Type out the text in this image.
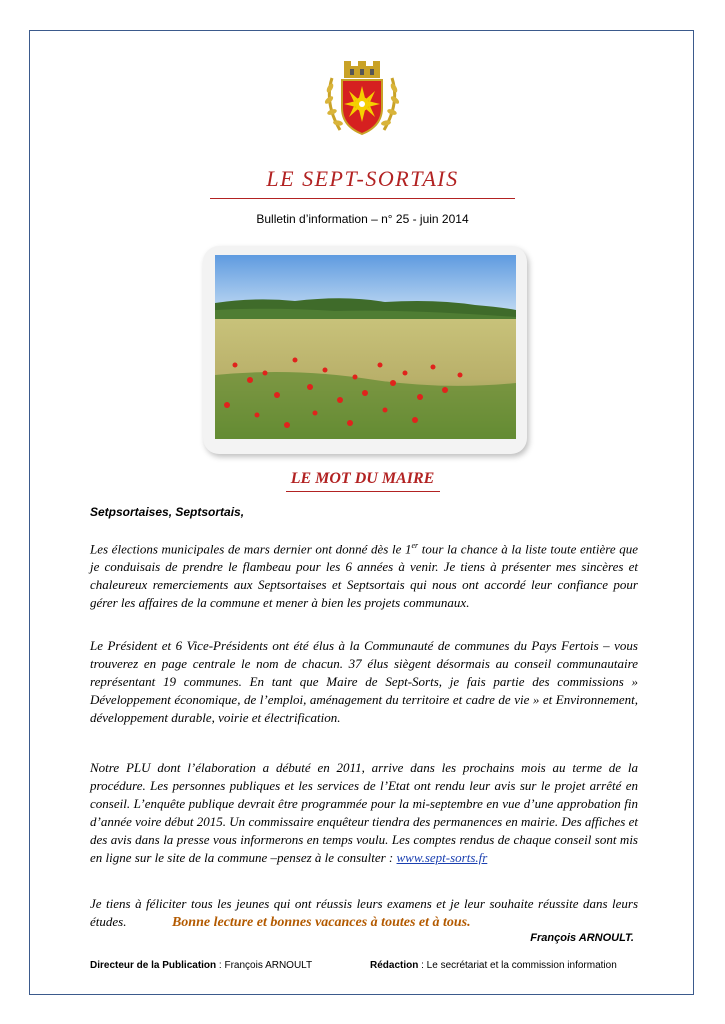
LE SEPT-SORTAIS
Bulletin d’information – n° 25 - juin 2014
LE MOT DU MAIRE
Setpsortaises, Septsortais,

Les élections municipales de mars dernier ont donné dès le 1er tour la chance à la liste toute entière que je conduisais de prendre le flambeau pour les 6 années à venir. Je tiens à présenter mes sincères et chaleureux remerciements aux Septsortaises et Septsortais qui nous ont accordé leur confiance pour gérer les affaires de la commune et mener à bien les projets communaux.

Le Président et 6 Vice-Présidents ont été élus à la Communauté de communes du Pays Fertois – vous trouverez en page centrale le nom de chacun. 37 élus siègent désormais au conseil communautaire représentant 19 communes. En tant que Maire de Sept-Sorts, je fais partie des commissions » Développement économique, de l’emploi, aménagement du territoire et cadre de vie » et Environnement, développement durable, voirie et électrification.

Notre PLU dont l’élaboration a débuté en 2011, arrive dans les prochains mois au terme de la procédure. Les personnes publiques et les services de l’Etat ont rendu leur avis sur le projet arrêté en conseil. L’enquête publique devrait être programmée pour la mi-septembre en vue d’une approbation fin d’année voire début 2015. Un commissaire enquêteur tiendra des permanences en mairie. Des affiches et des avis dans la presse vous informerons en temps voulu. Les comptes rendus de chaque conseil sont mis en ligne sur le site de la commune –pensez à le consulter : www.sept-sorts.fr

Je tiens à féliciter tous les jeunes qui ont réussis leurs examens et je leur souhaite réussite dans leurs études.	Bonne lecture et bonnes vacances à toutes et à tous.

François ARNOULT.
Directeur de la Publication : François ARNOULT	Rédaction : Le secrétariat et la commission information
